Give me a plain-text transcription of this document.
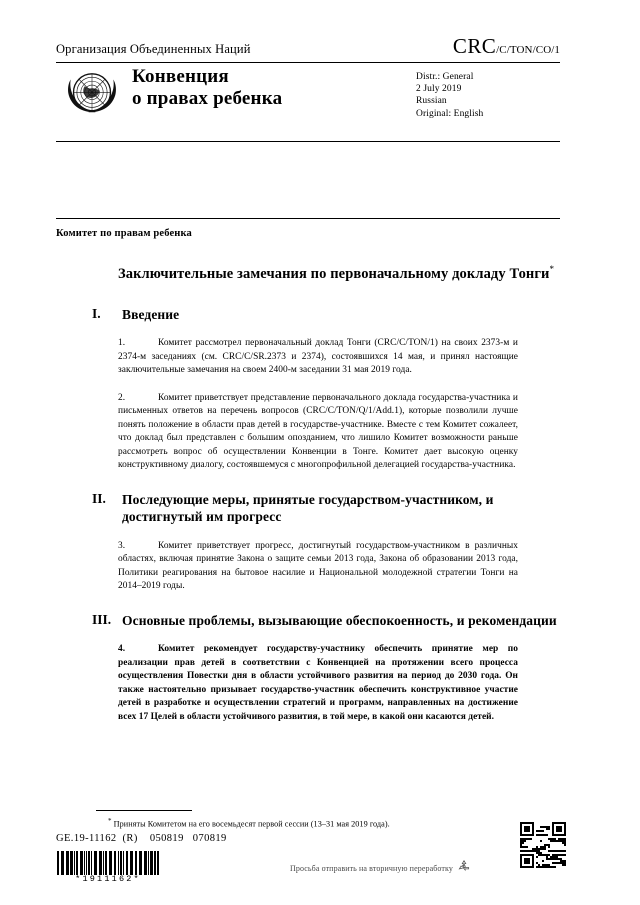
Организация Объединенных Наций	CRC/C/TON/CO/1
Конвенция
о правах ребенка
Distr.: General
2 July 2019
Russian
Original: English
Комитет по правам ребенка
Заключительные замечания по первоначальному докладу Тонги*
I.	Введение
1.	Комитет рассмотрел первоначальный доклад Тонги (CRC/C/TON/1) на своих 2373-м и 2374-м заседаниях (см. CRC/C/SR.2373 и 2374), состоявшихся 14 мая, и принял настоящие заключительные замечания на своем 2400-м заседании 31 мая 2019 года.
2.	Комитет приветствует представление первоначального доклада государства-участника и письменных ответов на перечень вопросов (CRC/C/TON/Q/1/Add.1), которые позволили лучше понять положение в области прав детей в государстве-участнике. Вместе с тем Комитет сожалеет, что доклад был представлен с большим опозданием, что лишило Комитет возможности раньше рассмотреть вопрос об осуществлении Конвенции в Тонге. Комитет дает высокую оценку конструктивному диалогу, состоявшемуся с многопрофильной делегацией государства-участника.
II.	Последующие меры, принятые государством-участником, и достигнутый им прогресс
3.	Комитет приветствует прогресс, достигнутый государством-участником в различных областях, включая принятие Закона о защите семьи 2013 года, Закона об образовании 2013 года, Политики реагирования на бытовое насилие и Национальной молодежной стратегии Тонги на 2014–2019 годы.
III. Основные проблемы, вызывающие обеспокоенность, и рекомендации
4.	Комитет рекомендует государству-участнику обеспечить принятие мер по реализации прав детей в соответствии с Конвенцией на протяжении всего процесса осуществления Повестки дня в области устойчивого развития на период до 2030 года. Он также настоятельно призывает государство-участник обеспечить конструктивное участие детей в разработке и осуществлении стратегий и программ, направленных на достижение всех 17 Целей в области устойчивого развития, в той мере, в какой они касаются детей.
* Приняты Комитетом на его восемьдесят первой сессии (13–31 мая 2019 года).
GE.19-11162  (R)    050819   070819
*1911162*
Просьба отправить на вторичную переработку
